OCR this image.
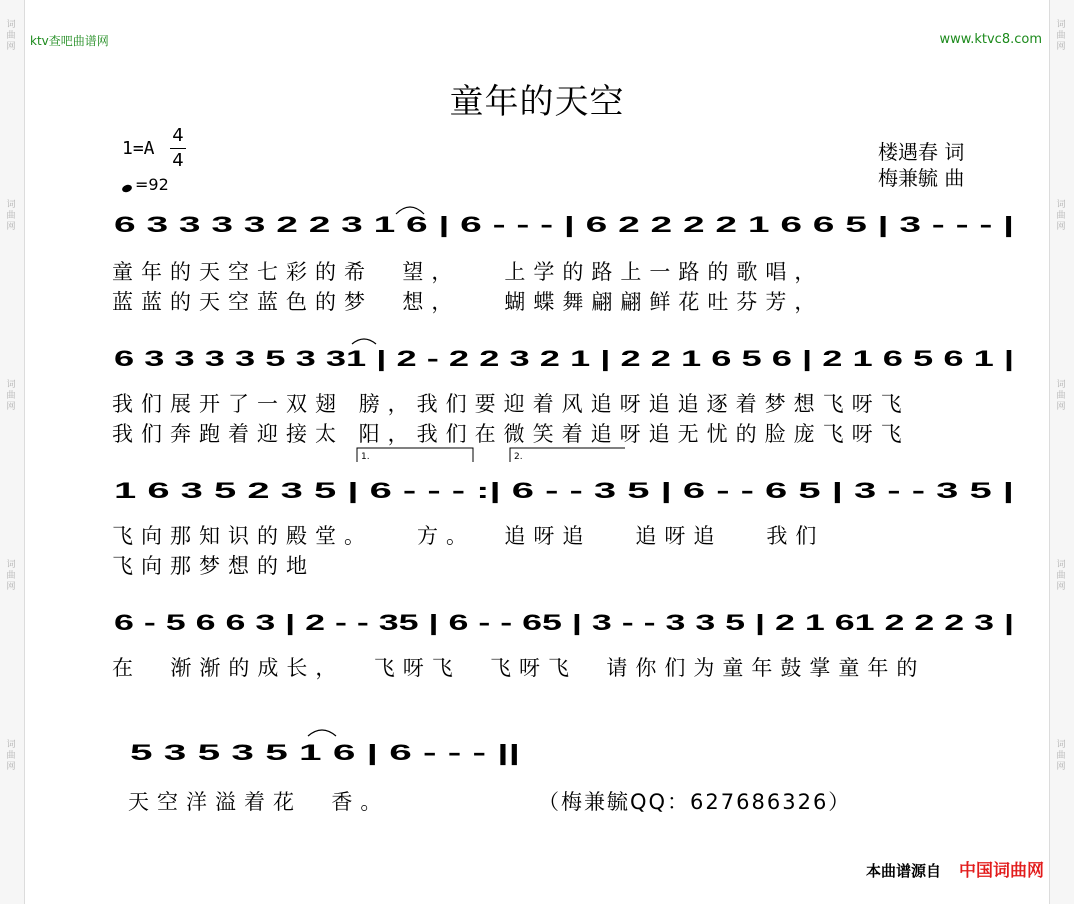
词曲网
词曲网
词曲网
词曲网
词曲网
词曲网
词曲网
词曲网
词曲网
词曲网
ktv查吧曲谱网	www.ktvc8.com
童年的天空
1=A
4
4
=92
楼遇春 词
梅兼毓 曲
6 3 3 3 3 2 2 3 1 6 | 6 - - - | 6 2 2 2 2 1 6 6 5 | 3 - - - |
童年的天空七彩的希  望，   上学的路上一路的歌唱，
蓝蓝的天空蓝色的梦  想，   蝴蝶舞翩翩鲜花吐芬芳，
6 3 3 3 3 5 3 31 | 2 - 2 2 3 2 1 | 2 2 1 6 5 6 | 2 1 6 5 6 1 |
我们展开了一双翅 膀，我们要迎着风追呀追追逐着梦想飞呀飞
我们奔跑着迎接太 阳，我们在微笑着追呀追无忧的脸庞飞呀飞
1.	2.
1 6 3 5 2 3 5 | 6 - - - :| 6 - - 3 5 | 6 - - 6 5 | 3 - - 3 5 |
飞向那知识的殿堂。   方。  追呀追   追呀追   我们
飞向那梦想的地
6 - 5 6 6 3 | 2 - - 35 | 6 - - 65 | 3 - - 3 3 5 | 2 1 61 2 2 2 3 |
在  渐渐的成长，  飞呀飞  飞呀飞  请你们为童年鼓掌童年的
5 3 5 3 5 1 6 | 6 - - - ||
天空洋溢着花  香。	（梅兼毓QQ：627686326）
本曲谱源自 中国词曲网
